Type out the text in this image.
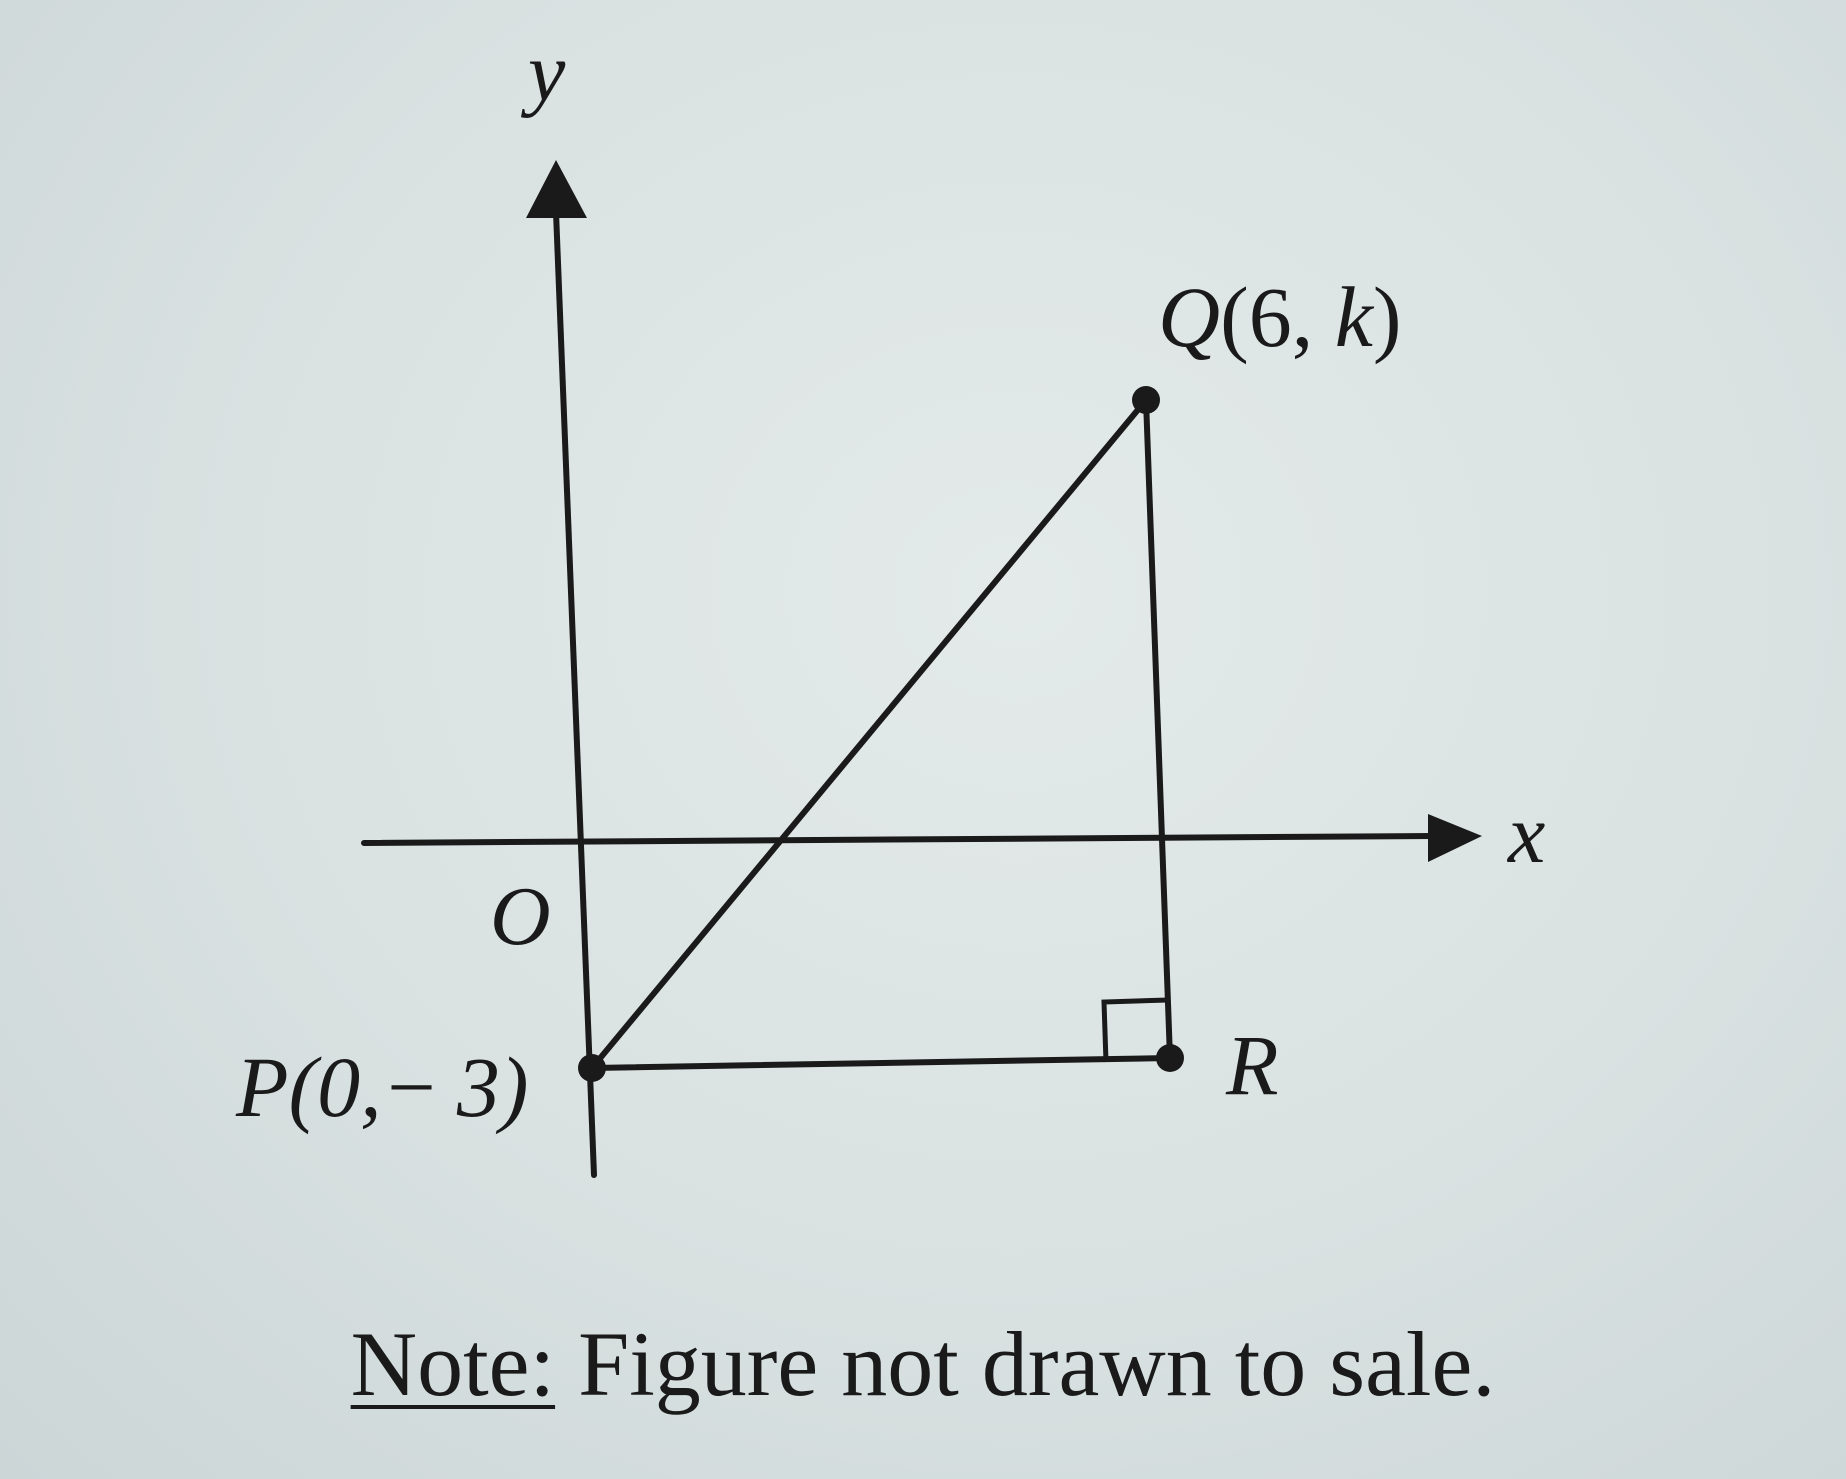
y
x
O
Q(6, k)
P(0,− 3)	R
Note: Figure not drawn to sale.
